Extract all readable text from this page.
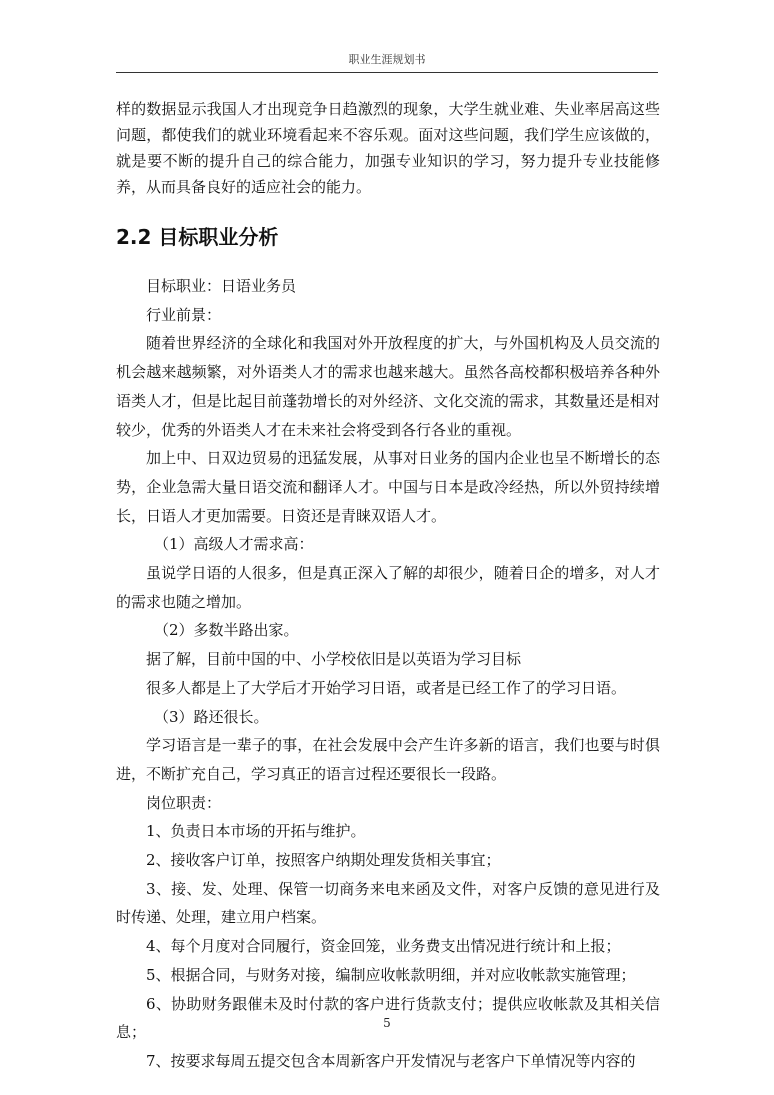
职业生涯规划书

样的数据显示我国人才出现竞争日趋激烈的现象，大学生就业难、失业率居高这些问题，都使我们的就业环境看起来不容乐观。面对这些问题，我们学生应该做的，就是要不断的提升自己的综合能力，加强专业知识的学习，努力提升专业技能修养，从而具备良好的适应社会的能力。

2.2 目标职业分析

目标职业：日语业务员

行业前景：

随着世界经济的全球化和我国对外开放程度的扩大，与外国机构及人员交流的机会越来越频繁，对外语类人才的需求也越来越大。虽然各高校都积极培养各种外语类人才，但是比起目前蓬勃增长的对外经济、文化交流的需求，其数量还是相对较少，优秀的外语类人才在未来社会将受到各行各业的重视。

加上中、日双边贸易的迅猛发展，从事对日业务的国内企业也呈不断增长的态势，企业急需大量日语交流和翻译人才。中国与日本是政冷经热，所以外贸持续增长，日语人才更加需要。日资还是青睐双语人才。

（1）高级人才需求高：

虽说学日语的人很多，但是真正深入了解的却很少，随着日企的增多，对人才的需求也随之增加。

（2）多数半路出家。

据了解，目前中国的中、小学校依旧是以英语为学习目标

很多人都是上了大学后才开始学习日语，或者是已经工作了的学习日语。

（3）路还很长。

学习语言是一辈子的事，在社会发展中会产生许多新的语言，我们也要与时俱进，不断扩充自己，学习真正的语言过程还要很长一段路。

岗位职责：

1、负责日本市场的开拓与维护。

2、接收客户订单，按照客户纳期处理发货相关事宜；

3、接、发、处理、保管一切商务来电来函及文件，对客户反馈的意见进行及时传递、处理，建立用户档案。

4、每个月度对合同履行，资金回笼，业务费支出情况进行统计和上报；

5、根据合同，与财务对接，编制应收帐款明细，并对应收帐款实施管理；

6、协助财务跟催未及时付款的客户进行货款支付；提供应收帐款及其相关信息；

7、按要求每周五提交包含本周新客户开发情况与老客户下单情况等内容的

5
